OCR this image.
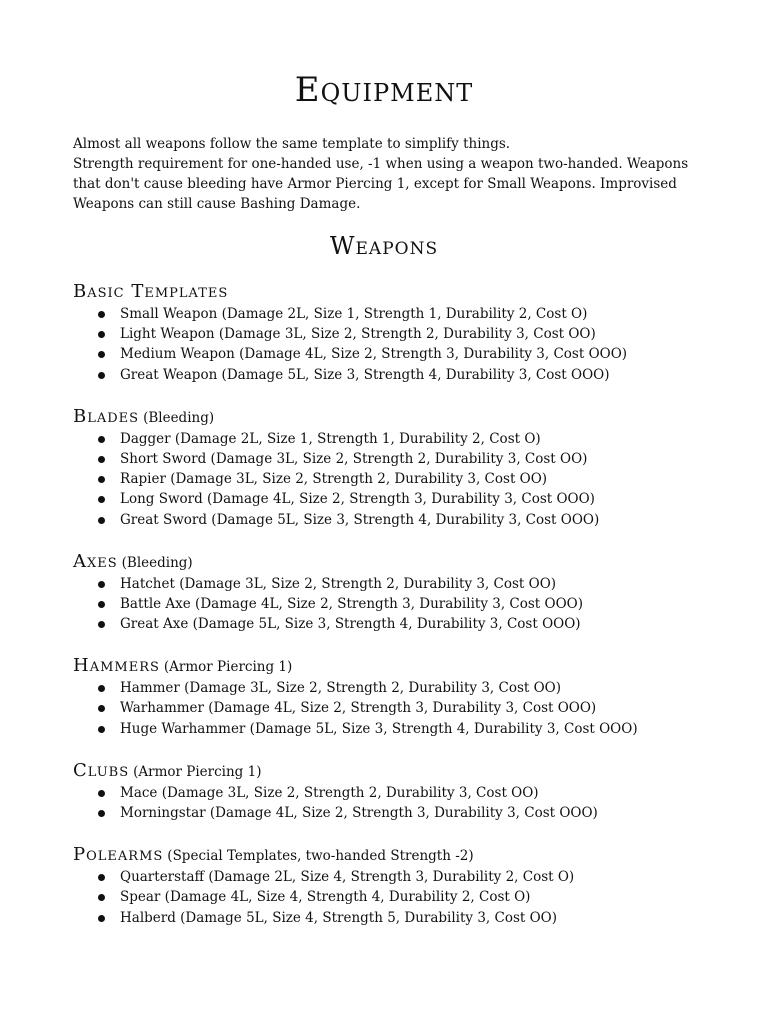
Equipment
Almost all weapons follow the same template to simplify things.
Strength requirement for one-handed use, -1 when using a weapon two-handed. Weapons
that don't cause bleeding have Armor Piercing 1, except for Small Weapons. Improvised
Weapons can still cause Bashing Damage.
Weapons
Basic Templates
Small Weapon (Damage 2L, Size 1, Strength 1, Durability 2, Cost O)
Light Weapon (Damage 3L, Size 2, Strength 2, Durability 3, Cost OO)
Medium Weapon (Damage 4L, Size 2, Strength 3, Durability 3, Cost OOO)
Great Weapon (Damage 5L, Size 3, Strength 4, Durability 3, Cost OOO)
Blades (Bleeding)
Dagger (Damage 2L, Size 1, Strength 1, Durability 2, Cost O)
Short Sword (Damage 3L, Size 2, Strength 2, Durability 3, Cost OO)
Rapier (Damage 3L, Size 2, Strength 2, Durability 3, Cost OO)
Long Sword (Damage 4L, Size 2, Strength 3, Durability 3, Cost OOO)
Great Sword (Damage 5L, Size 3, Strength 4, Durability 3, Cost OOO)
Axes (Bleeding)
Hatchet (Damage 3L, Size 2, Strength 2, Durability 3, Cost OO)
Battle Axe (Damage 4L, Size 2, Strength 3, Durability 3, Cost OOO)
Great Axe (Damage 5L, Size 3, Strength 4, Durability 3, Cost OOO)
Hammers (Armor Piercing 1)
Hammer (Damage 3L, Size 2, Strength 2, Durability 3, Cost OO)
Warhammer (Damage 4L, Size 2, Strength 3, Durability 3, Cost OOO)
Huge Warhammer (Damage 5L, Size 3, Strength 4, Durability 3, Cost OOO)
Clubs (Armor Piercing 1)
Mace (Damage 3L, Size 2, Strength 2, Durability 3, Cost OO)
Morningstar (Damage 4L, Size 2, Strength 3, Durability 3, Cost OOO)
Polearms (Special Templates, two-handed Strength -2)
Quarterstaff (Damage 2L, Size 4, Strength 3, Durability 2, Cost O)
Spear (Damage 4L, Size 4, Strength 4, Durability 2, Cost O)
Halberd (Damage 5L, Size 4, Strength 5, Durability 3, Cost OO)
